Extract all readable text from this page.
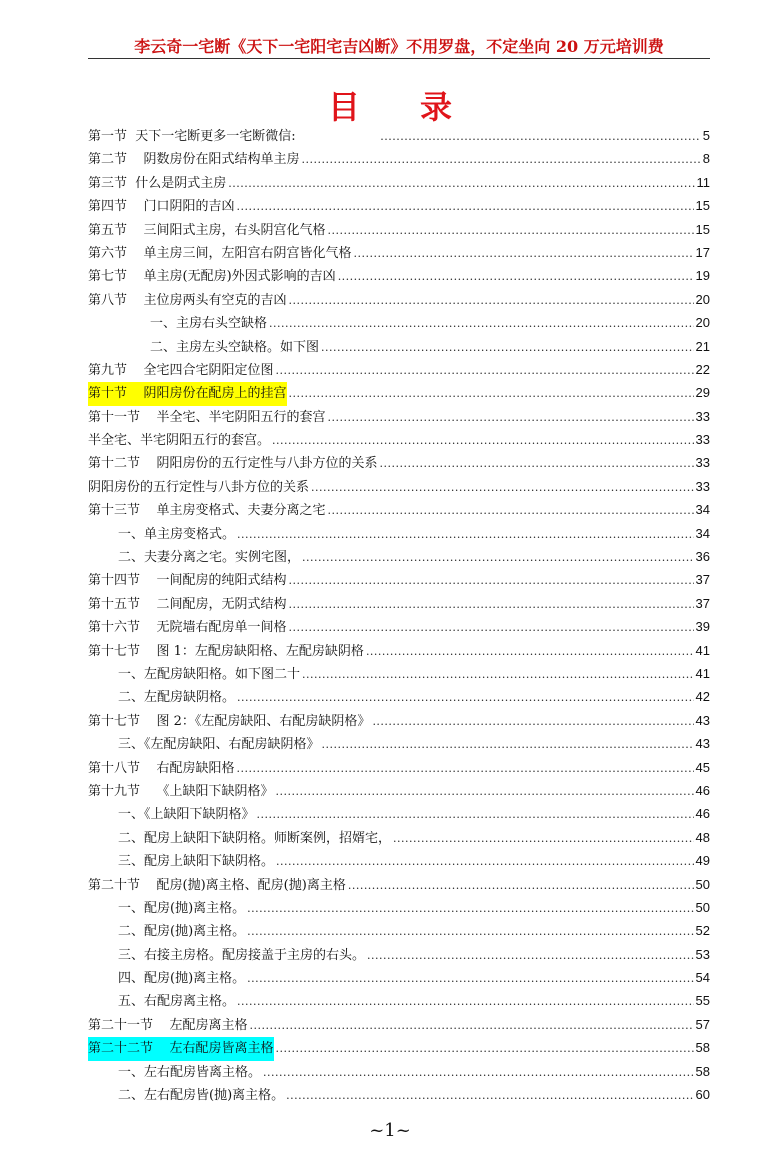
李云奇一宅断《天下一宅阳宅吉凶断》不用罗盘，不定坐向 20 万元培训费
目录
第一节  天下一宅断更多一宅断微信: .....	5
第二节    阴数房份在阳式结构单主房 .....	8
第三节  什么是阴式主房 .....	11
第四节    门口阴阳的吉凶 .....	15
第五节    三间阳式主房，右头阴宫化气格 .....	15
第六节    单主房三间，左阳宫右阴宫皆化气格 .....	17
第七节    单主房(无配房)外因式影响的吉凶 .....	19
第八节    主位房两头有空克的吉凶 .....	20
一、主房右头空缺格 .....	20
二、主房左头空缺格。如下图 .....	21
第九节    全宅四合宅阴阳定位图 .....	22
第十节    阴阳房份在配房上的挂宫 .....	29
第十一节    半全宅、半宅阴阳五行的套宫 .....	33
半全宅、半宅阴阳五行的套宫。 .....	33
第十二节    阴阳房份的五行定性与八卦方位的关系 .....	33
阴阳房份的五行定性与八卦方位的关系 .....	33
第十三节    单主房变格式、夫妻分离之宅 .....	34
一、单主房变格式。 .....	34
二、夫妻分离之宅。实例宅图， .....	36
第十四节    一间配房的纯阳式结构 .....	37
第十五节    二间配房，无阴式结构 .....	37
第十六节    无院墙右配房单一间格 .....	39
第十七节    图 1：左配房缺阳格、左配房缺阴格 .....	41
一、左配房缺阳格。如下图二十 .....	41
二、左配房缺阴格。 .....	42
第十七节    图 2：《左配房缺阳、右配房缺阴格》 .....	43
三、《左配房缺阳、右配房缺阴格》 .....	43
第十八节    右配房缺阳格 .....	45
第十九节    《上缺阳下缺阴格》 .....	46
一、《上缺阳下缺阴格》 .....	46
二、配房上缺阳下缺阴格。师断案例，招婿宅， .....	48
三、配房上缺阳下缺阴格。 .....	49
第二十节    配房(抛)离主格、配房(抛)离主格 .....	50
一、配房(抛)离主格。 .....	50
二、配房(抛)离主格。 .....	52
三、右接主房格。配房接盖于主房的右头。 .....	53
四、配房(抛)离主格。 .....	54
五、右配房离主格。 .....	55
第二十一节    左配房离主格 .....	57
第二十二节    左右配房皆离主格 .....	58
一、左右配房皆离主格。 .....	58
二、左右配房皆(抛)离主格。 .....	60
~1~
